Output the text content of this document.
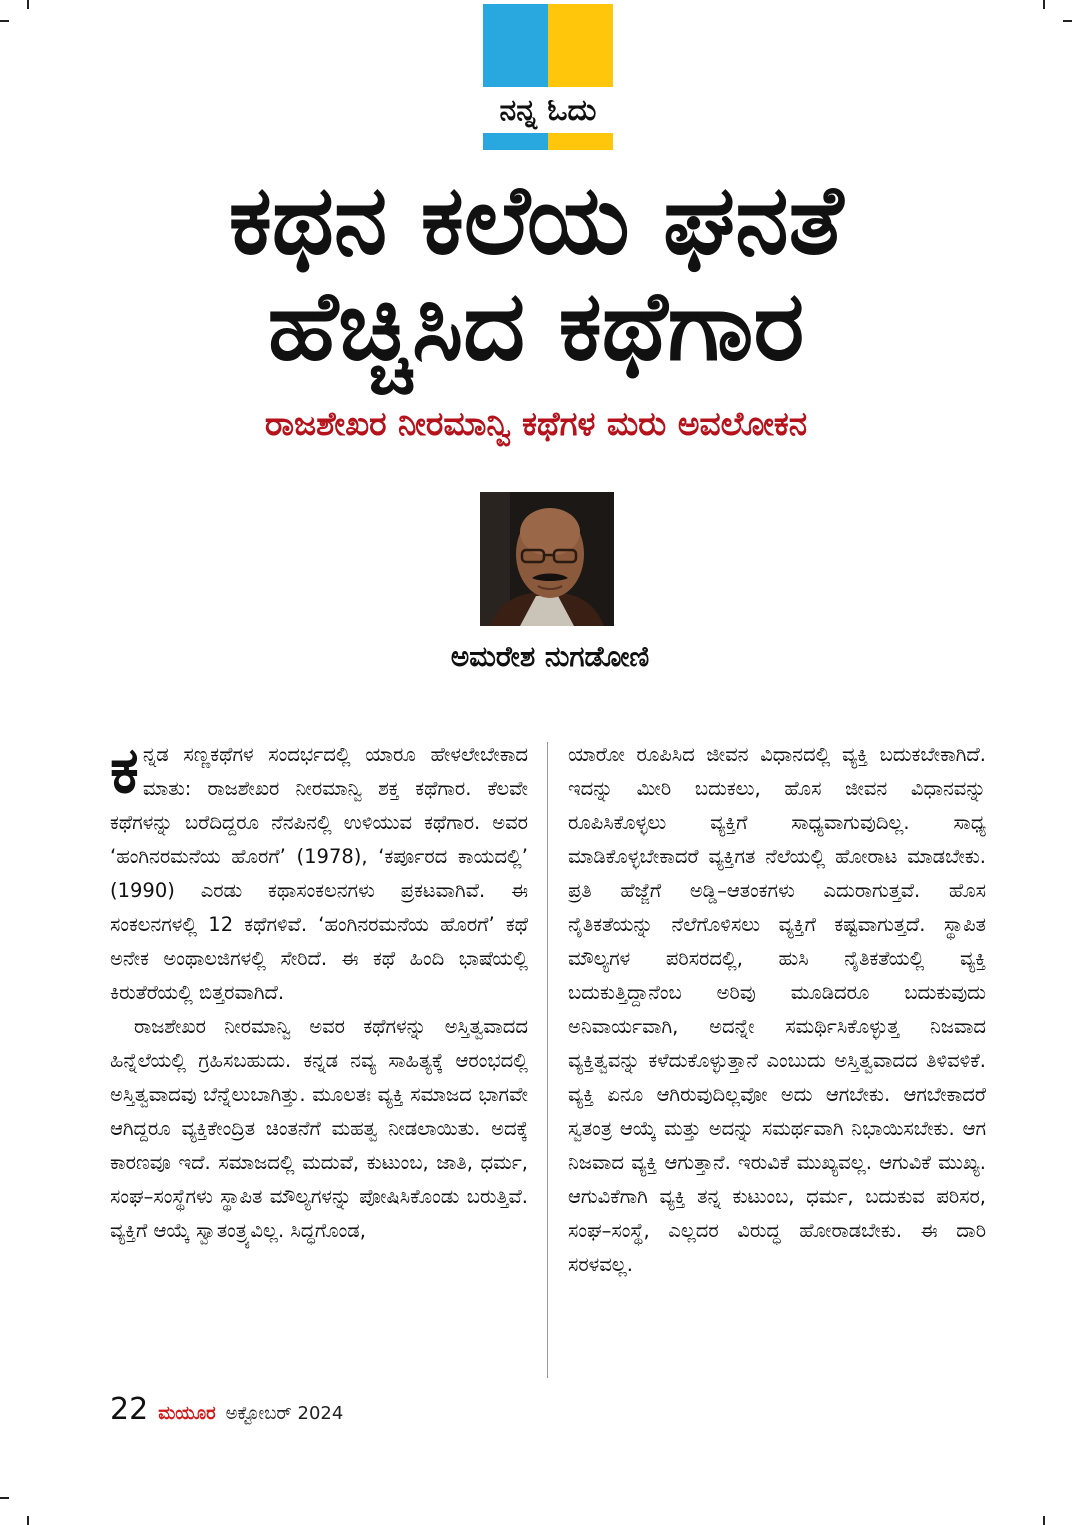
ನನ್ನ ಓದು
ಕಥನ ಕಲೆಯ ಘನತೆ
ಹೆಚ್ಚಿಸಿದ ಕಥೆಗಾರ
ರಾಜಶೇಖರ ನೀರಮಾನ್ವಿ ಕಥೆಗಳ ಮರು ಅವಲೋಕನ
ಅಮರೇಶ ನುಗಡೋಣಿ

ಕನ್ನಡ ಸಣ್ಣಕಥೆಗಳ ಸಂದರ್ಭದಲ್ಲಿ ಯಾರೂ ಹೇಳಲೇಬೇಕಾದ ಮಾತು: ರಾಜಶೇಖರ ನೀರಮಾನ್ವಿ ಶಕ್ತ ಕಥೆಗಾರ. ಕೆಲವೇ ಕಥೆಗಳನ್ನು ಬರೆದಿದ್ದರೂ ನೆನಪಿನಲ್ಲಿ ಉಳಿಯುವ ಕಥೆಗಾರ. ಅವರ ‘ಹಂಗಿನರಮನೆಯ ಹೊರಗೆ’ (1978), ‘ಕರ್ಪೂರದ ಕಾಯದಲ್ಲಿ’ (1990) ಎರಡು ಕಥಾಸಂಕಲನಗಳು ಪ್ರಕಟವಾಗಿವೆ. ಈ ಸಂಕಲನಗಳಲ್ಲಿ 12 ಕಥೆಗಳಿವೆ. ‘ಹಂಗಿನರಮನೆಯ ಹೊರಗೆ’ ಕಥೆ ಅನೇಕ ಅಂಥಾಲಜಿಗಳಲ್ಲಿ ಸೇರಿದೆ. ಈ ಕಥೆ ಹಿಂದಿ ಭಾಷೆಯಲ್ಲಿ ಕಿರುತೆರೆಯಲ್ಲಿ ಬಿತ್ತರವಾಗಿದೆ.

ರಾಜಶೇಖರ ನೀರಮಾನ್ವಿ ಅವರ ಕಥೆಗಳನ್ನು ಅಸ್ತಿತ್ವವಾದದ ಹಿನ್ನೆಲೆಯಲ್ಲಿ ಗ್ರಹಿಸಬಹುದು. ಕನ್ನಡ ನವ್ಯ ಸಾಹಿತ್ಯಕ್ಕೆ ಆರಂಭದಲ್ಲಿ ಅಸ್ತಿತ್ವವಾದವು ಬೆನ್ನೆಲುಬಾಗಿತ್ತು. ಮೂಲತಃ ವ್ಯಕ್ತಿ ಸಮಾಜದ ಭಾಗವೇ ಆಗಿದ್ದರೂ ವ್ಯಕ್ತಿಕೇಂದ್ರಿತ ಚಿಂತನೆಗೆ ಮಹತ್ವ ನೀಡಲಾಯಿತು. ಅದಕ್ಕೆ ಕಾರಣವೂ ಇದೆ. ಸಮಾಜದಲ್ಲಿ ಮದುವೆ, ಕುಟುಂಬ, ಜಾತಿ, ಧರ್ಮ, ಸಂಘ–ಸಂಸ್ಥೆಗಳು ಸ್ಥಾಪಿತ ಮೌಲ್ಯಗಳನ್ನು ಪೋಷಿಸಿಕೊಂಡು ಬರುತ್ತಿವೆ. ವ್ಯಕ್ತಿಗೆ ಆಯ್ಕೆ ಸ್ವಾತಂತ್ರ್ಯವಿಲ್ಲ. ಸಿದ್ಧಗೊಂಡ,

ಯಾರೋ ರೂಪಿಸಿದ ಜೀವನ ವಿಧಾನದಲ್ಲಿ ವ್ಯಕ್ತಿ ಬದುಕಬೇಕಾಗಿದೆ. ಇದನ್ನು ಮೀರಿ ಬದುಕಲು, ಹೊಸ ಜೀವನ ವಿಧಾನವನ್ನು ರೂಪಿಸಿಕೊಳ್ಳಲು ವ್ಯಕ್ತಿಗೆ ಸಾಧ್ಯವಾಗುವುದಿಲ್ಲ. ಸಾಧ್ಯ ಮಾಡಿಕೊಳ್ಳಬೇಕಾದರೆ ವ್ಯಕ್ತಿಗತ ನೆಲೆಯಲ್ಲಿ ಹೋರಾಟ ಮಾಡಬೇಕು. ಪ್ರತಿ ಹೆಜ್ಜೆಗೆ ಅಡ್ಡಿ–ಆತಂಕಗಳು ಎದುರಾಗುತ್ತವೆ. ಹೊಸ ನೈತಿಕತೆಯನ್ನು ನೆಲೆಗೊಳಿಸಲು ವ್ಯಕ್ತಿಗೆ ಕಷ್ಟವಾಗುತ್ತದೆ. ಸ್ಥಾಪಿತ ಮೌಲ್ಯಗಳ ಪರಿಸರದಲ್ಲಿ, ಹುಸಿ ನೈತಿಕತೆಯಲ್ಲಿ ವ್ಯಕ್ತಿ ಬದುಕುತ್ತಿದ್ದಾನೆಂಬ ಅರಿವು ಮೂಡಿದರೂ ಬದುಕುವುದು ಅನಿವಾರ್ಯವಾಗಿ, ಅದನ್ನೇ ಸಮರ್ಥಿಸಿಕೊಳ್ಳುತ್ತ ನಿಜವಾದ ವ್ಯಕ್ತಿತ್ವವನ್ನು ಕಳೆದುಕೊಳ್ಳುತ್ತಾನೆ ಎಂಬುದು ಅಸ್ತಿತ್ವವಾದದ ತಿಳಿವಳಿಕೆ. ವ್ಯಕ್ತಿ ಏನೂ ಆಗಿರುವುದಿಲ್ಲವೋ ಅದು ಆಗಬೇಕು. ಆಗಬೇಕಾದರೆ ಸ್ವತಂತ್ರ ಆಯ್ಕೆ ಮತ್ತು ಅದನ್ನು ಸಮರ್ಥವಾಗಿ ನಿಭಾಯಿಸಬೇಕು. ಆಗ ನಿಜವಾದ ವ್ಯಕ್ತಿ ಆಗುತ್ತಾನೆ. ಇರುವಿಕೆ ಮುಖ್ಯವಲ್ಲ. ಆಗುವಿಕೆ ಮುಖ್ಯ. ಆಗುವಿಕೆಗಾಗಿ ವ್ಯಕ್ತಿ ತನ್ನ ಕುಟುಂಬ, ಧರ್ಮ, ಬದುಕುವ ಪರಿಸರ, ಸಂಘ–ಸಂಸ್ಥೆ, ಎಲ್ಲದರ ವಿರುದ್ಧ ಹೋರಾಡಬೇಕು. ಈ ದಾರಿ ಸರಳವಲ್ಲ.

22 ಮಯೂರ ಅಕ್ಟೋಬರ್ 2024
